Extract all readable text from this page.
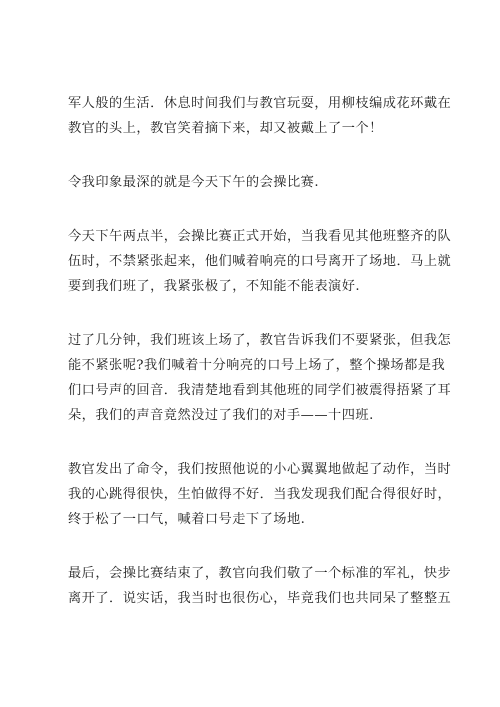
军人般的生活．休息时间我们与教官玩耍，用柳枝编成花环戴在
教官的头上，教官笑着摘下来，却又被戴上了一个！

令我印象最深的就是今天下午的会操比赛.

今天下午两点半，会操比赛正式开始，当我看见其他班整齐的队
伍时，不禁紧张起来，他们喊着响亮的口号离开了场地．马上就
要到我们班了，我紧张极了，不知能不能表演好.

过了几分钟，我们班该上场了，教官告诉我们不要紧张，但我怎
能不紧张呢?我们喊着十分响亮的口号上场了，整个操场都是我
们口号声的回音．我清楚地看到其他班的同学们被震得捂紧了耳
朵，我们的声音竟然没过了我们的对手——十四班.

教官发出了命令，我们按照他说的小心翼翼地做起了动作，当时
我的心跳得很快，生怕做得不好．当我发现我们配合得很好时，
终于松了一口气，喊着口号走下了场地.

最后，会操比赛结束了，教官向我们敬了一个标准的军礼，快步
离开了．说实话，我当时也很伤心，毕竟我们也共同呆了整整五
